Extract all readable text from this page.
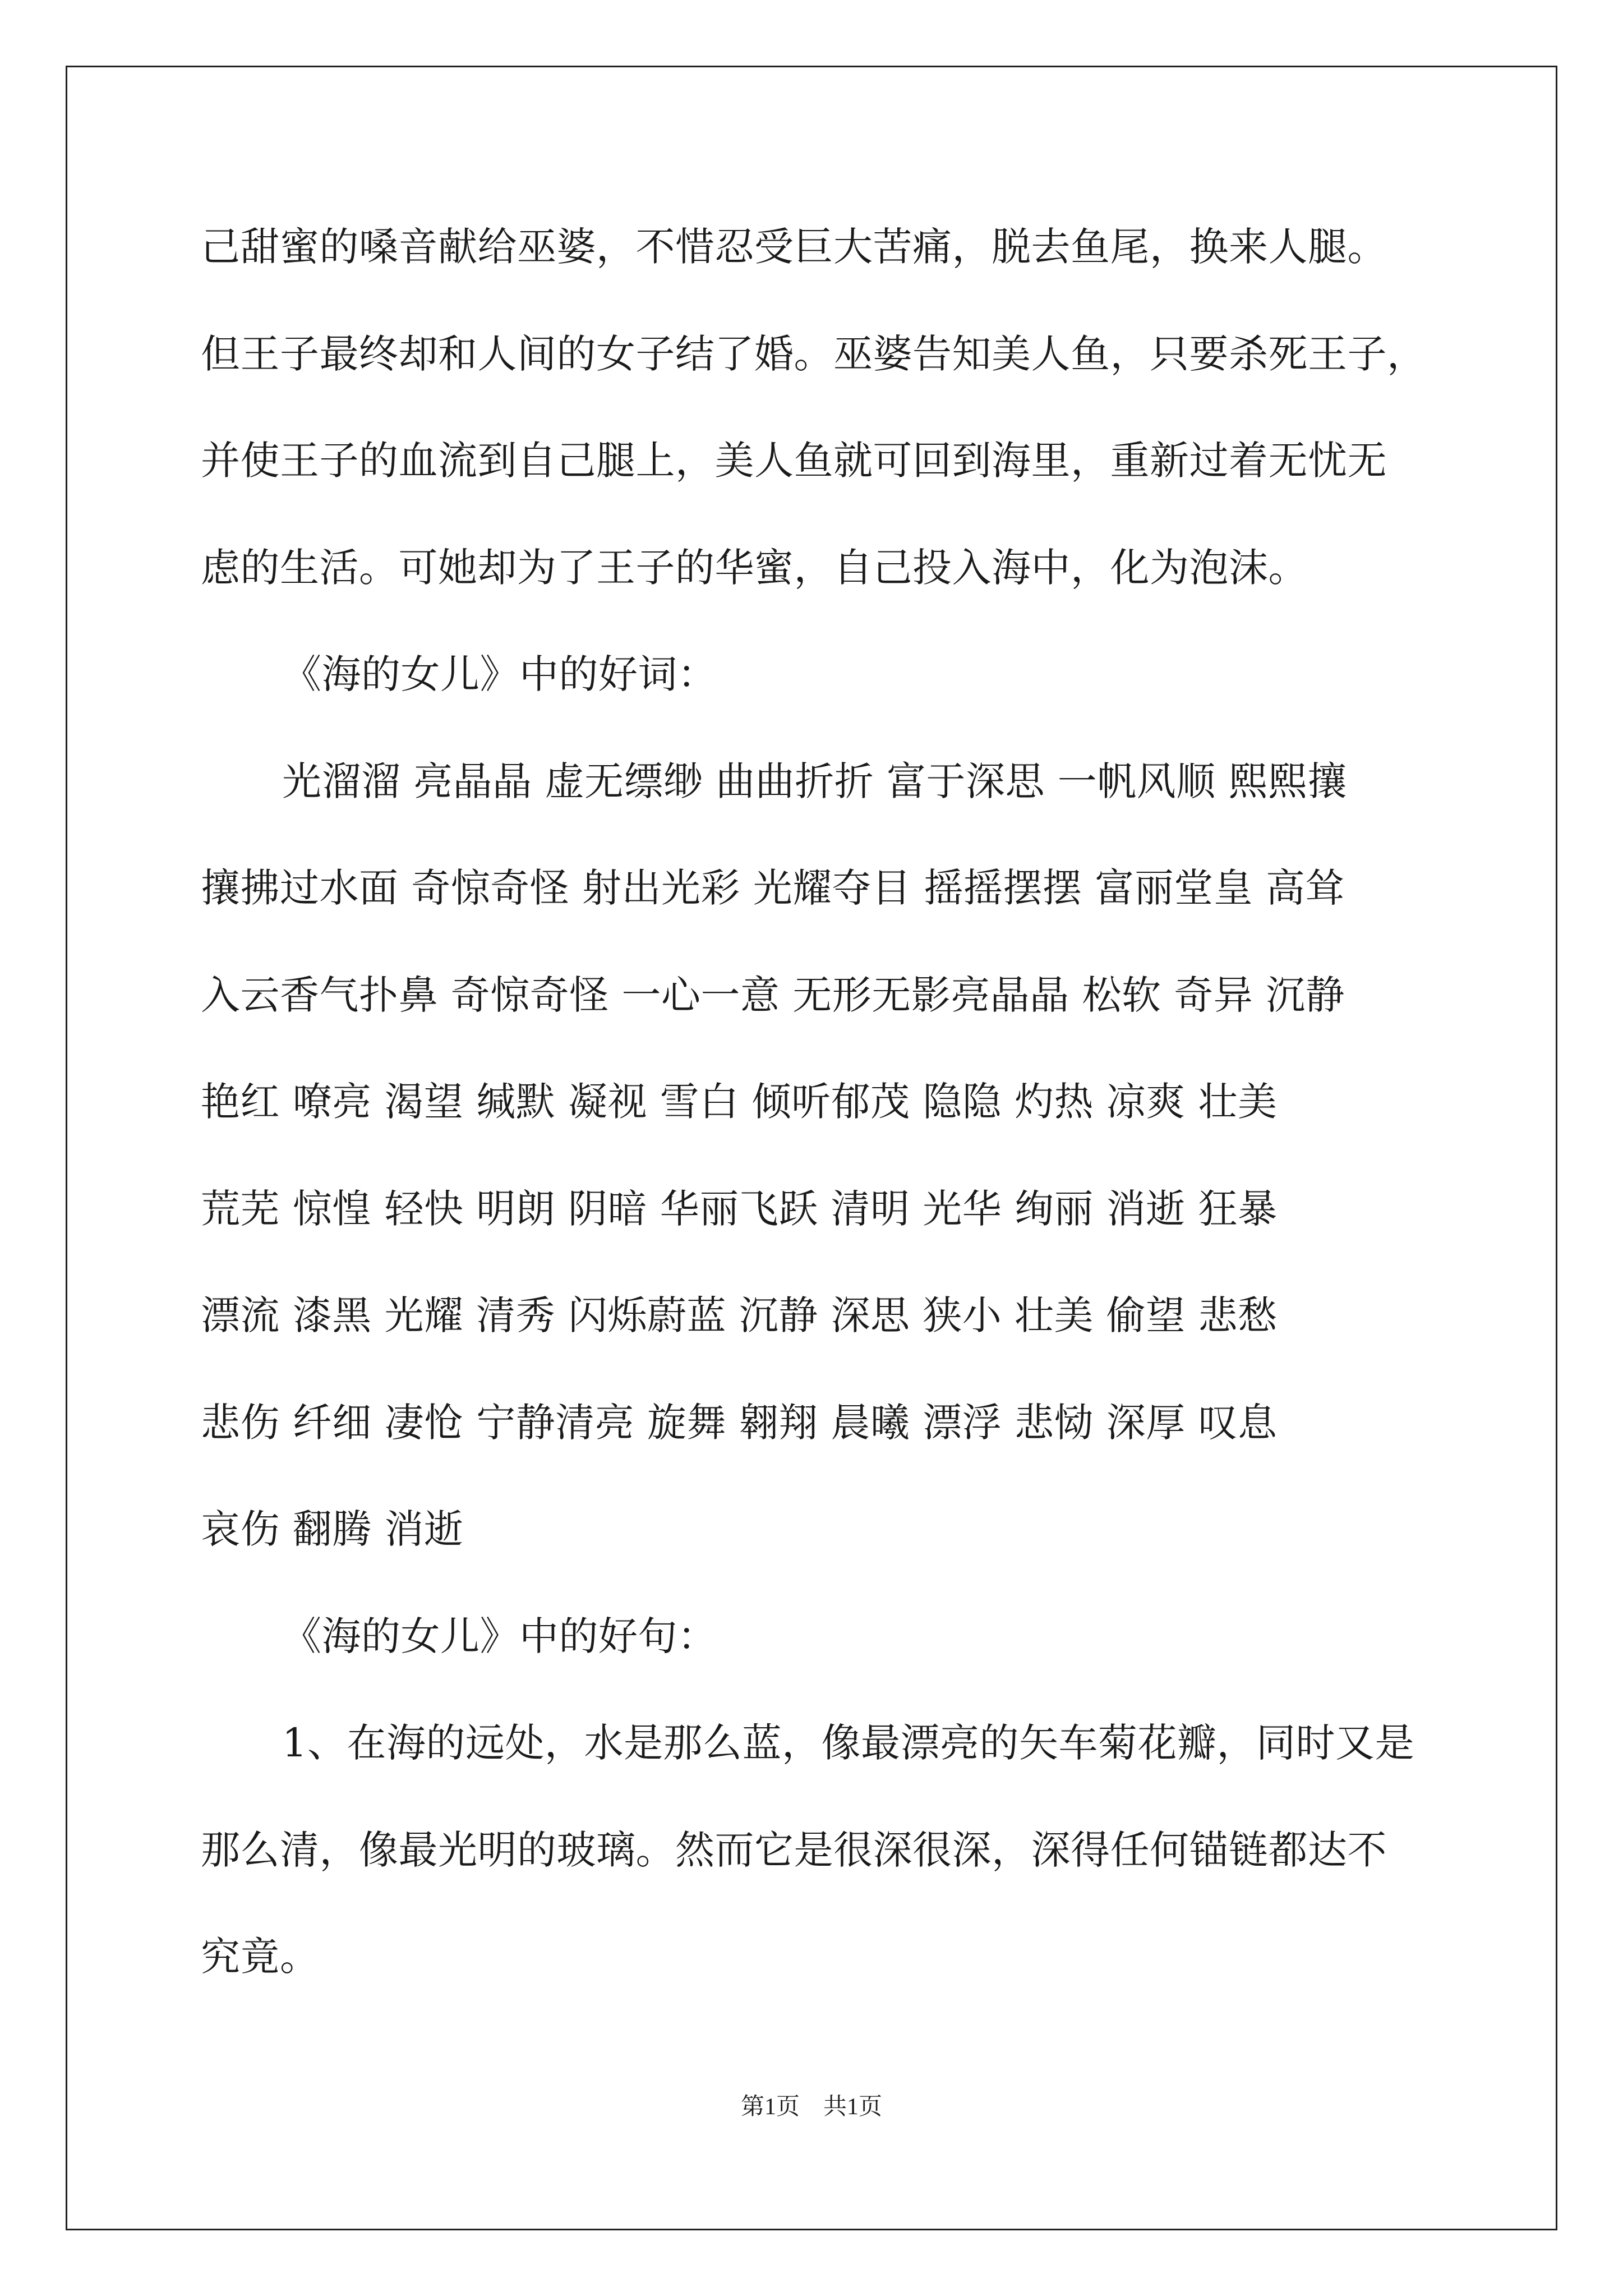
己甜蜜的嗓音献给巫婆，不惜忍受巨大苦痛，脱去鱼尾，换来人腿。
但王子最终却和人间的女子结了婚。巫婆告知美人鱼，只要杀死王子，
并使王子的血流到自己腿上，美人鱼就可回到海里，重新过着无忧无
虑的生活。可她却为了王子的华蜜，自己投入海中，化为泡沫。
《海的女儿》中的好词：
光溜溜 亮晶晶 虚无缥缈 曲曲折折 富于深思 一帆风顺 熙熙攘
攘拂过水面 奇惊奇怪 射出光彩 光耀夺目 摇摇摆摆 富丽堂皇 高耸
入云香气扑鼻 奇惊奇怪 一心一意 无形无影亮晶晶 松软 奇异 沉静
艳红 嘹亮 渴望 缄默 凝视 雪白 倾听郁茂 隐隐 灼热 凉爽 壮美
荒芜 惊惶 轻快 明朗 阴暗 华丽飞跃 清明 光华 绚丽 消逝 狂暴
漂流 漆黑 光耀 清秀 闪烁蔚蓝 沉静 深思 狭小 壮美 偷望 悲愁
悲伤 纤细 凄怆 宁静清亮 旋舞 翱翔 晨曦 漂浮 悲恸 深厚 叹息
哀伤 翻腾 消逝
《海的女儿》中的好句：
1、在海的远处，水是那么蓝，像最漂亮的矢车菊花瓣，同时又是
那么清，像最光明的玻璃。然而它是很深很深，深得任何锚链都达不
究竟。
第1页　共1页
